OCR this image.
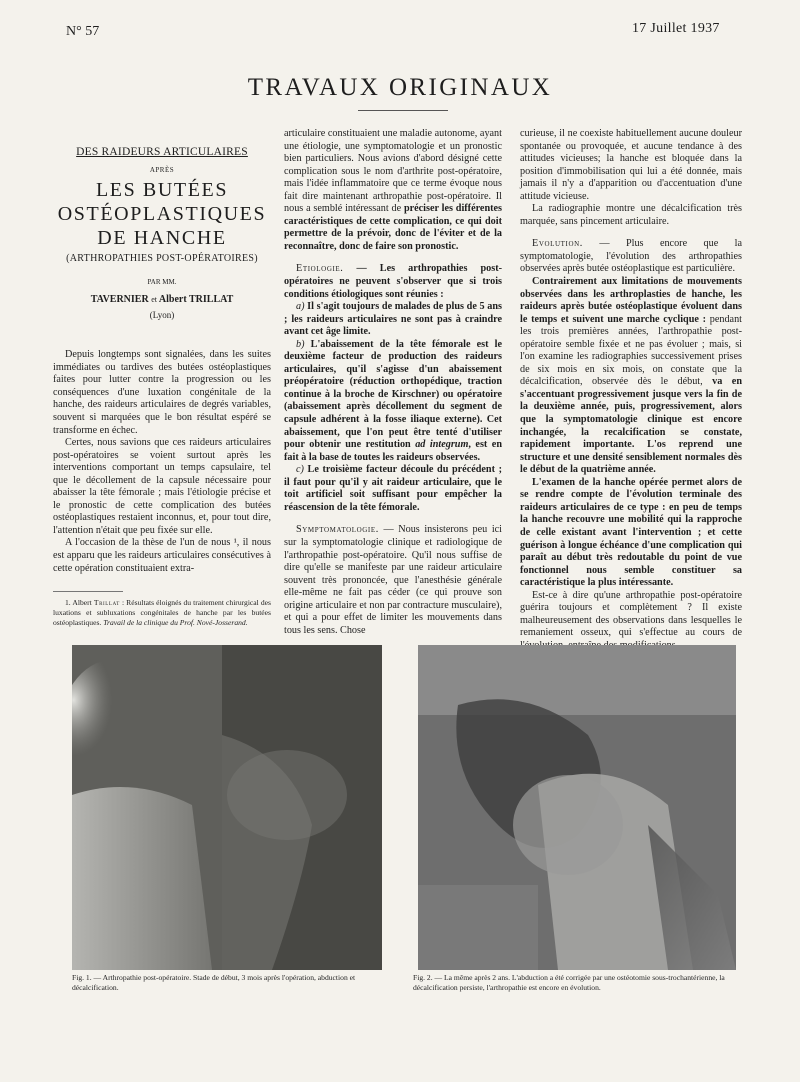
N° 57	17 Juillet 1937
TRAVAUX ORIGINAUX
DES RAIDEURS ARTICULAIRES
APRÈS
LES BUTÉES
OSTÉOPLASTIQUES
DE HANCHE
(ARTHROPATHIES POST-OPÉRATOIRES)
PAR MM.
TAVERNIER et Albert TRILLAT
(Lyon)

Depuis longtemps sont signalées, dans les suites immédiates ou tardives des butées ostéoplastiques faites pour lutter contre la progression ou les conséquences d'une luxation congénitale de la hanche, des raideurs articulaires de degrés variables, souvent si marquées que le bon résultat espéré se transforme en échec.

Certes, nous savions que ces raideurs articulaires post-opératoires se voient surtout après les interventions comportant un temps capsulaire, tel que le décollement de la capsule nécessaire pour abaisser la tête fémorale ; mais l'étiologie précise et le pronostic de cette complication des butées ostéoplastiques restaient inconnus, et, pour tout dire, l'attention n'était que peu fixée sur elle.

A l'occasion de la thèse de l'un de nous ¹, il nous est apparu que les raideurs articulaires consécutives à cette opération constituaient extra-

1. Albert Trillat : Résultats éloignés du traitement chirurgical des luxations et subluxations congénitales de hanche par les butées ostéoplastiques. Travail de la clinique du Prof. Nové-Josserand.

articulaire constituaient une maladie autonome, ayant une étiologie, une symptomatologie et un pronostic bien particuliers. Nous avions d'abord désigné cette complication sous le nom d'arthrite post-opératoire, mais l'idée inflammatoire que ce terme évoque nous fait dire maintenant arthropathie post-opératoire. Il nous a semblé intéressant de préciser les différentes caractéristiques de cette complication, ce qui doit permettre de la prévoir, donc de l'éviter et de la reconnaître, donc de faire son pronostic.

Etiologie. — Les arthropathies post-opératoires ne peuvent s'observer que si trois conditions étiologiques sont réunies :

a) Il s'agit toujours de malades de plus de 5 ans ; les raideurs articulaires ne sont pas à craindre avant cet âge limite.

b) L'abaissement de la tête fémorale est le deuxième facteur de production des raideurs articulaires, qu'il s'agisse d'un abaissement préopératoire (réduction orthopédique, traction continue à la broche de Kirschner) ou opératoire (abaissement après décollement du segment de capsule adhérent à la fosse iliaque externe). Cet abaissement, que l'on peut être tenté d'utiliser pour obtenir une restitution ad integrum, est en fait à la base de toutes les raideurs observées.

c) Le troisième facteur découle du précédent ; il faut pour qu'il y ait raideur articulaire, que le toit artificiel soit suffisant pour empêcher la réascension de la tête fémorale.

Symptomatologie. — Nous insisterons peu ici sur la symptomatologie clinique et radiologique de l'arthropathie post-opératoire. Qu'il nous suffise de dire qu'elle se manifeste par une raideur articulaire souvent très prononcée, que l'anesthésie générale elle-même ne fait pas céder (ce qui prouve son origine articulaire et non par contracture musculaire), et qui a pour effet de limiter les mouvements dans tous les sens. Chose

curieuse, il ne coexiste habituellement aucune douleur spontanée ou provoquée, et aucune tendance à des attitudes vicieuses; la hanche est bloquée dans la position d'immobilisation qui lui a été donnée, mais jamais il n'y a d'apparition ou d'accentuation d'une attitude vicieuse.

La radiographie montre une décalcification très marquée, sans pincement articulaire.

Evolution. — Plus encore que la symptomatologie, l'évolution des arthropathies observées après butée ostéoplastique est particulière.

Contrairement aux limitations de mouvements observées dans les arthroplasties de hanche, les raideurs après butée ostéoplastique évoluent dans le temps et suivent une marche cyclique : pendant les trois premières années, l'arthropathie post-opératoire semble fixée et ne pas évoluer ; mais, si l'on examine les radiographies successivement prises de six mois en six mois, on constate que la décalcification, observée dès le début, va en s'accentuant progressivement jusque vers la fin de la deuxième année, puis, progressivement, alors que la symptomatologie clinique est encore inchangée, la recalcification se constate, rapidement importante. L'os reprend une structure et une densité sensiblement normales dès le début de la quatrième année.

L'examen de la hanche opérée permet alors de se rendre compte de l'évolution terminale des raideurs articulaires de ce type : en peu de temps la hanche recouvre une mobilité qui la rapproche de celle existant avant l'intervention ; et cette guérison à longue échéance d'une complication qui paraît au début très redoutable du point de vue fonctionnel nous semble constituer sa caractéristique la plus intéressante.

Est-ce à dire qu'une arthropathie post-opératoire guérira toujours et complètement ? Il existe malheureusement des observations dans lesquelles le remaniement osseux, qui s'effectue au cours de

Fig. 1. — Arthropathie post-opératoire. Stade de début, 3 mois après l'opération, abduction et décalcification.
Fig. 2. — La même après 2 ans. L'abduction a été corrigée par une ostéotomie sous-trochantérienne, la décalcification persiste, l'arthropathie est encore en évolution.
